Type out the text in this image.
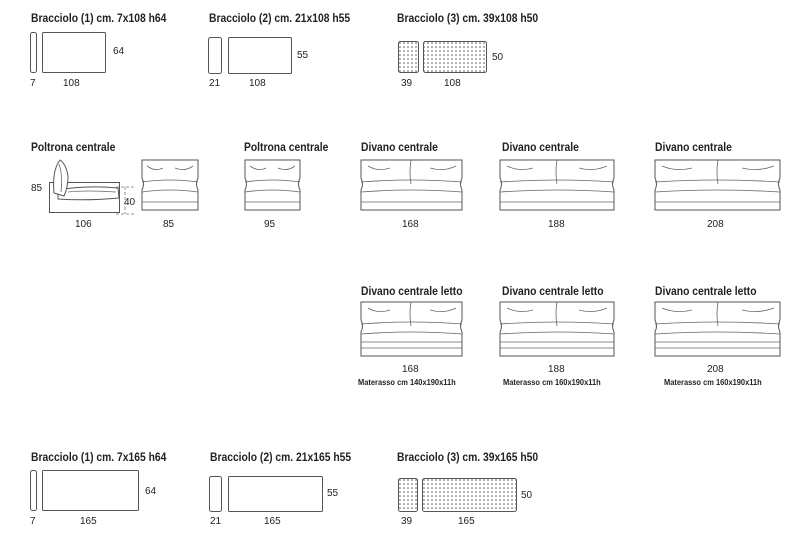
Bracciolo (1) cm. 7x108 h64
64
7	108
Bracciolo (2) cm. 21x108 h55
55
21	108
Bracciolo (3) cm. 39x108 h50
50
39	108
Poltrona centrale
85
40
106	85
Poltrona centrale
95
Divano centrale
168
Divano centrale
188
Divano centrale
208
Divano centrale letto
168
Materasso cm 140x190x11h
Divano centrale letto
188
Materasso cm 160x190x11h
Divano centrale letto
208
Materasso cm 160x190x11h
Bracciolo (1) cm. 7x165 h64
64
7	165
Bracciolo (2) cm. 21x165 h55
55
21	165
Bracciolo (3) cm. 39x165 h50
50
39	165
